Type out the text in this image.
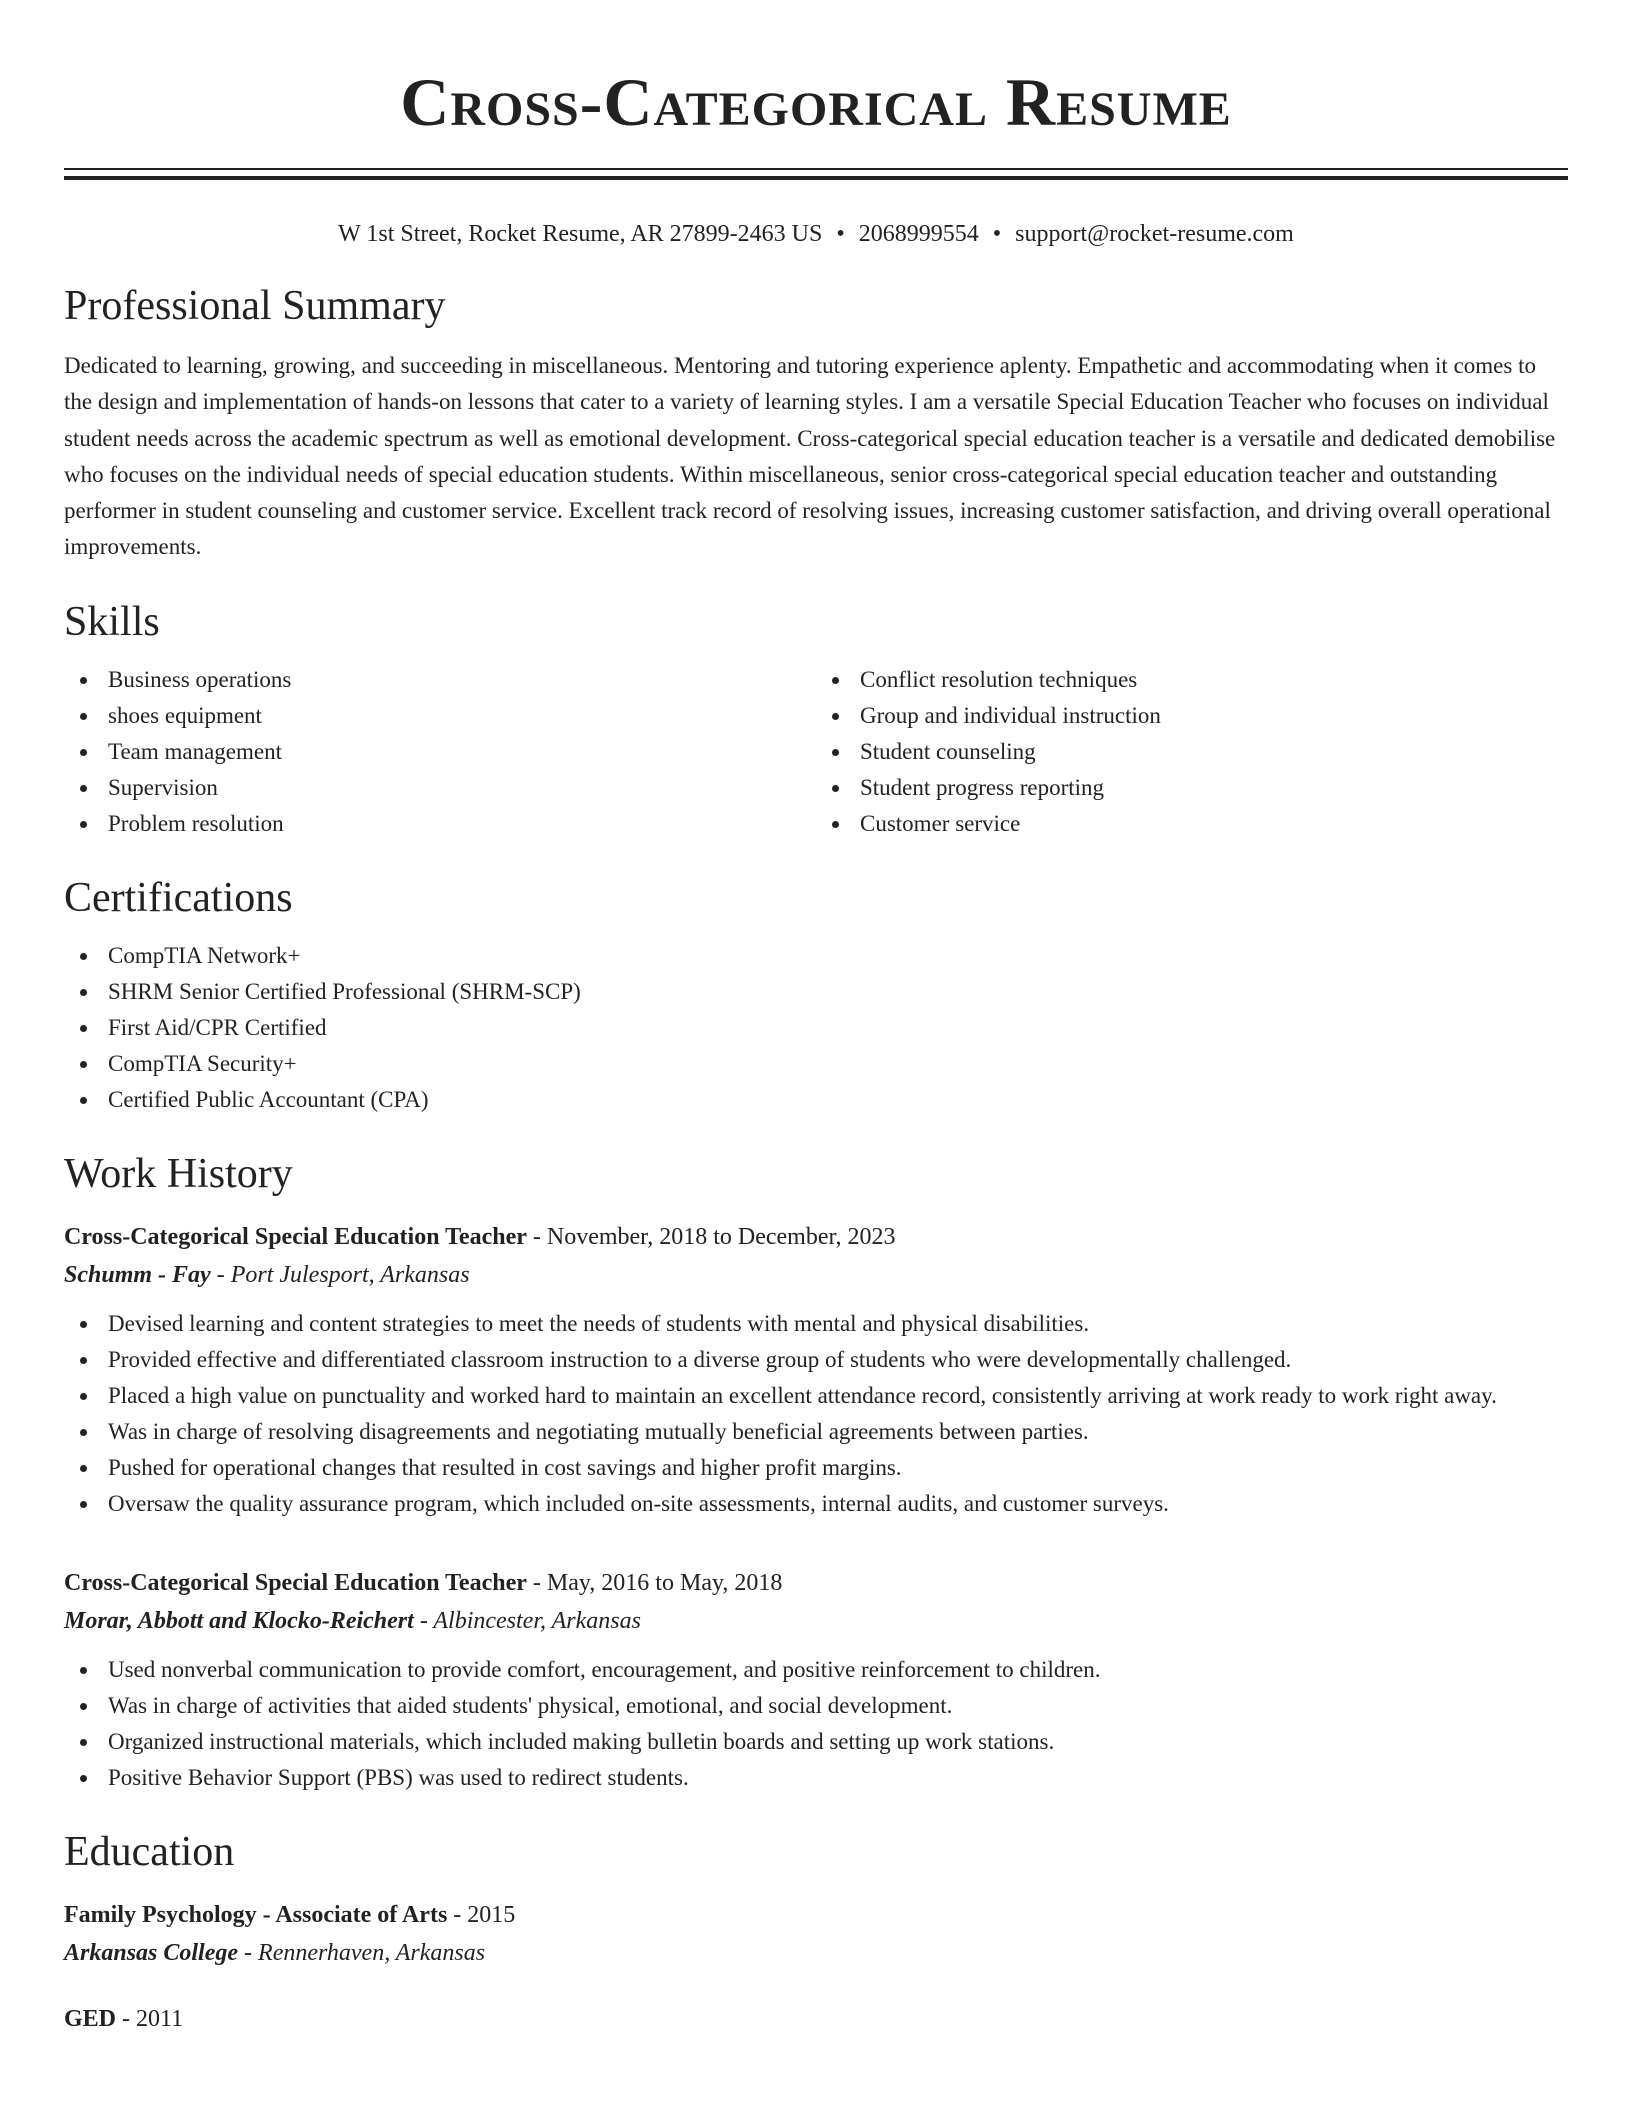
Cross-Categorical Resume
W 1st Street, Rocket Resume, AR 27899-2463 US • 2068999554 • support@rocket-resume.com
Professional Summary

Dedicated to learning, growing, and succeeding in miscellaneous. Mentoring and tutoring experience aplenty. Empathetic and accommodating when it comes to the design and implementation of hands-on lessons that cater to a variety of learning styles. I am a versatile Special Education Teacher who focuses on individual student needs across the academic spectrum as well as emotional development. Cross-categorical special education teacher is a versatile and dedicated demobilise who focuses on the individual needs of special education students. Within miscellaneous, senior cross-categorical special education teacher and outstanding performer in student counseling and customer service. Excellent track record of resolving issues, increasing customer satisfaction, and driving overall operational improvements.

Skills
Business operations
shoes equipment
Team management
Supervision
Problem resolution
Conflict resolution techniques
Group and individual instruction
Student counseling
Student progress reporting
Customer service
Certifications
CompTIA Network+
SHRM Senior Certified Professional (SHRM-SCP)
First Aid/CPR Certified
CompTIA Security+
Certified Public Accountant (CPA)
Work History
Cross-Categorical Special Education Teacher - November, 2018 to December, 2023
Schumm - Fay - Port Julesport, Arkansas
Devised learning and content strategies to meet the needs of students with mental and physical disabilities.
Provided effective and differentiated classroom instruction to a diverse group of students who were developmentally challenged.
Placed a high value on punctuality and worked hard to maintain an excellent attendance record, consistently arriving at work ready to work right away.
Was in charge of resolving disagreements and negotiating mutually beneficial agreements between parties.
Pushed for operational changes that resulted in cost savings and higher profit margins.
Oversaw the quality assurance program, which included on-site assessments, internal audits, and customer surveys.
Cross-Categorical Special Education Teacher - May, 2016 to May, 2018
Morar, Abbott and Klocko-Reichert - Albincester, Arkansas
Used nonverbal communication to provide comfort, encouragement, and positive reinforcement to children.
Was in charge of activities that aided students' physical, emotional, and social development.
Organized instructional materials, which included making bulletin boards and setting up work stations.
Positive Behavior Support (PBS) was used to redirect students.
Education
Family Psychology - Associate of Arts - 2015
Arkansas College - Rennerhaven, Arkansas
GED - 2011
